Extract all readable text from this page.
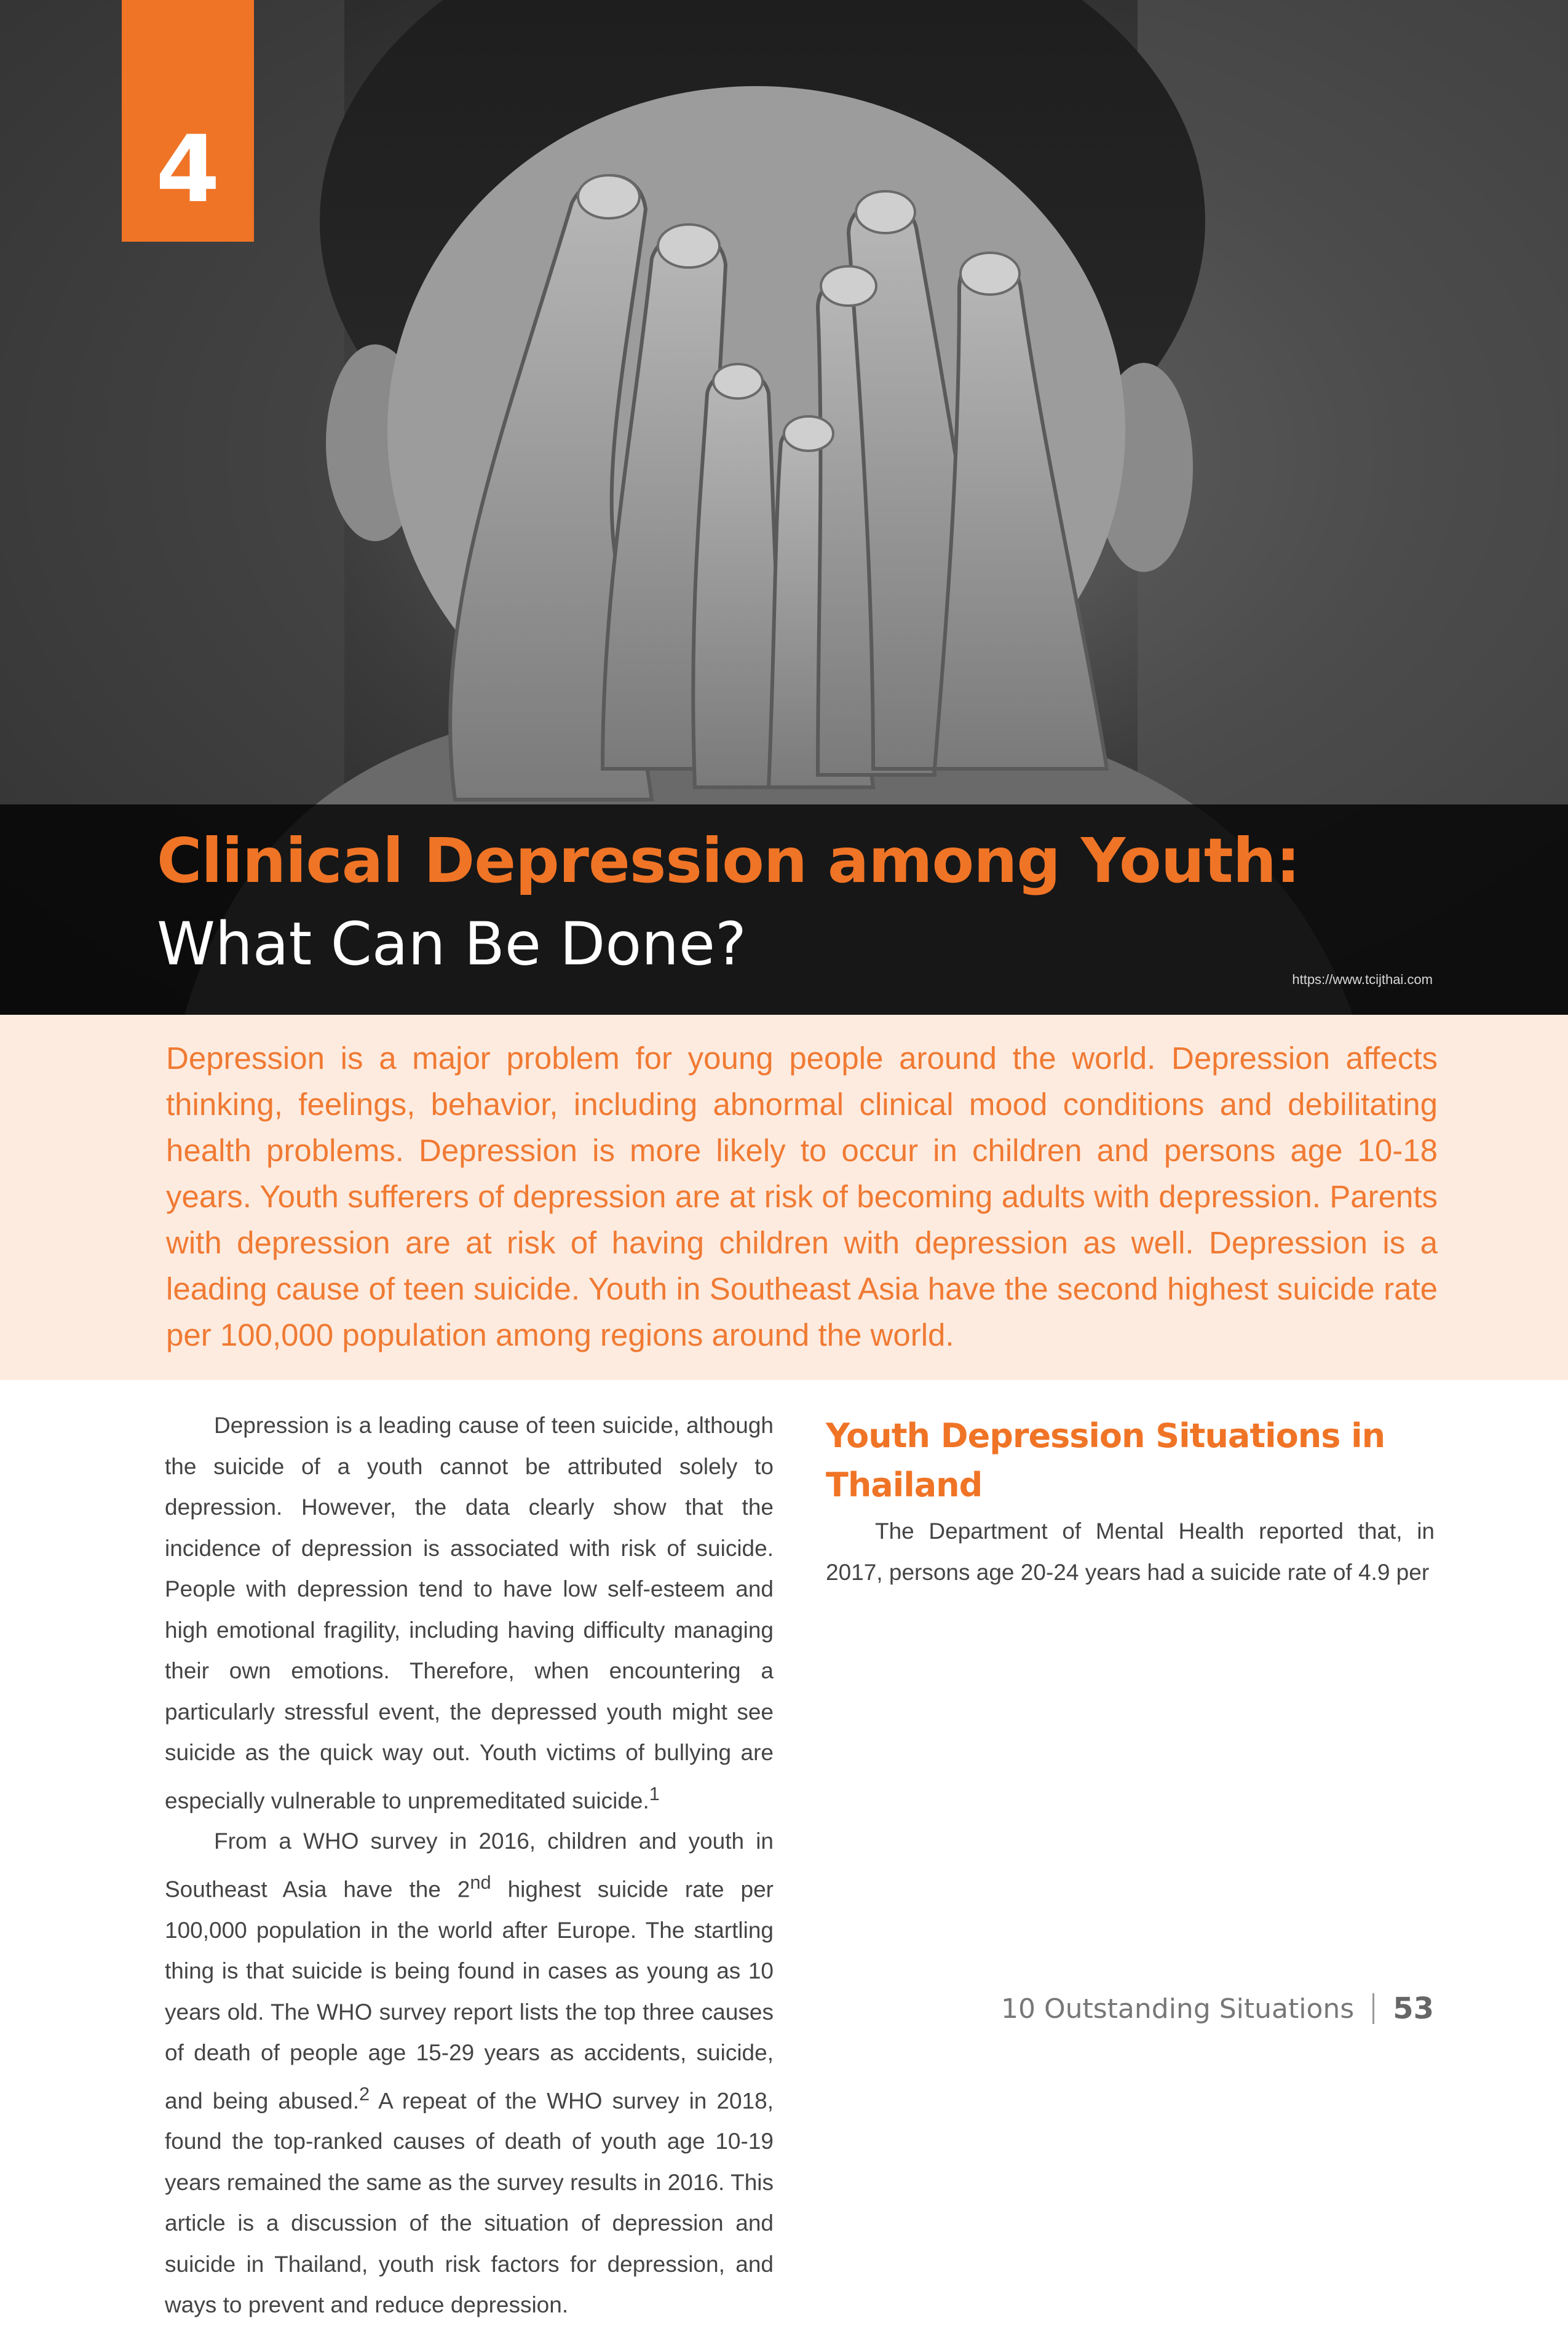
4
Clinical Depression among Youth:
What Can Be Done?
https://www.tcijthai.com

Depression is a major problem for young people around the world. Depression affects thinking, feelings, behavior, including abnormal clinical mood conditions and debilitating health problems. Depression is more likely to occur in children and persons age 10-18 years. Youth sufferers of depression are at risk of becoming adults with depression. Parents with depression are at risk of having children with depression as well. Depression is a leading cause of teen suicide. Youth in Southeast Asia have the second highest suicide rate per 100,000 population among regions around the world.

Depression is a leading cause of teen suicide, although the suicide of a youth cannot be attributed solely to depression. However, the data clearly show that the incidence of depression is associated with risk of suicide. People with depression tend to have low self-esteem and high emotional fragility, including having difficulty managing their own emotions. Therefore, when encountering a particularly stressful event, the depressed youth might see suicide as the quick way out. Youth victims of bullying are especially vulnerable to unpremeditated suicide.$^1$

From a WHO survey in 2016, children and youth in Southeast Asia have the 2nd highest suicide rate per 100,000 population in the world after Europe. The startling thing is that suicide is being found in cases as young as 10 years old. The WHO survey report lists the top three causes of death of people age 15-29 years as accidents, suicide, and being abused.$^2$ A repeat of the WHO survey in 2018, found the top-ranked causes of death of youth age 10-19 years remained the same as the survey results in 2016. This article is a discussion of the situation of depression and suicide in Thailand, youth risk factors for depression, and ways to prevent and reduce depression.

Youth Depression Situations in Thailand

The Department of Mental Health reported that, in 2017, persons age 20-24 years had a suicide rate of 4.9 per

10 Outstanding Situations 53
